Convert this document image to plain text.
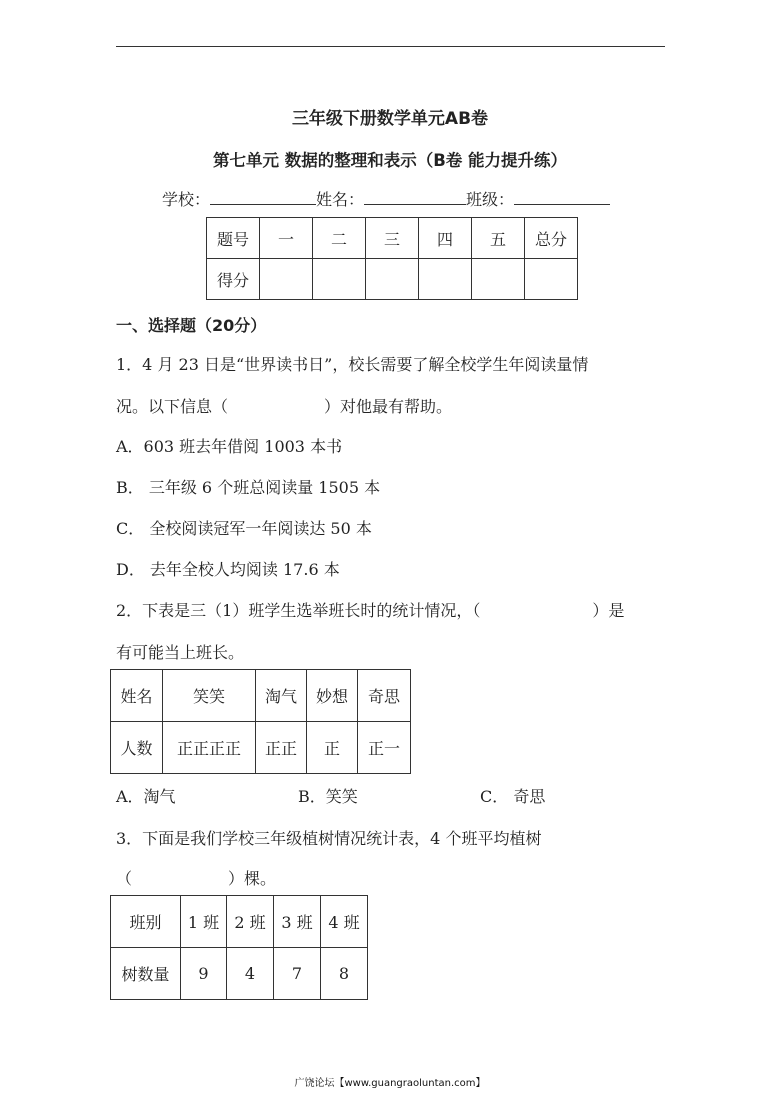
三年级下册数学单元AB卷
第七单元 数据的整理和表示（B卷 能力提升练）
学校：	姓名：	班级：
题号	一	二	三	四	五	总分
得分						
一、选择题（20分）
1．4 月 23 日是“世界读书日”，校长需要了解全校学生年阅读量情
况。以下信息（　　　　　　）对他最有帮助。
A．603 班去年借阅 1003 本书
B． 三年级 6 个班总阅读量 1505 本
C． 全校阅读冠军一年阅读达 50 本
D． 去年全校人均阅读 17.6 本
2．下表是三（1）班学生选举班长时的统计情况，（　　　　　　　）是
有可能当上班长。
姓名	笑笑	淘气	妙想	奇思
人数	正正正正	正正	正	正一
A．淘气	B．笑笑	C． 奇思
3．下面是我们学校三年级植树情况统计表，4 个班平均植树
（　　　　　　）棵。
班别	1 班	2 班	3 班	4 班
树数量	9	4	7	8
广饶论坛【www.guangraoluntan.com】
